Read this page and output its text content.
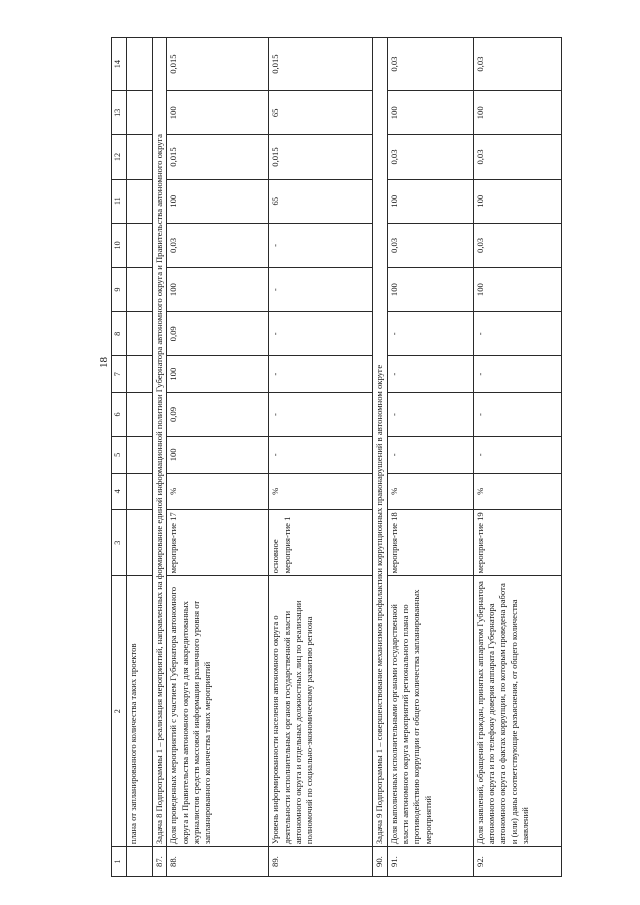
18
1	2	3	4	5	6	7	8	9	10	11	12	13	14
	плана от запланированного количества таких проектов												
87.	Задача 8 Подпрограммы 1 – реализация мероприятий, направленных на формирование единой информационной политики Губернатора автономного округа и Правительства автономного округа												
88.	Доля проведенных мероприятий с участием Губернатора автономного округа и Правительства автономного округа для аккредитованных журналистов средств массовой информации различного уровня от запланированного количества таких мероприятий	мероприя-тие 17	%	100	0,09	100	0,09	100	0,03	100	0,015	100	0,015
89.	Уровень информированности населения автономного округа о деятельности исполнительных органов государственной власти автономного округа и отдельных должностных лиц по реализации полномочий по социально-экономическому развитию региона	основное мероприя-тие 1	%	-	-	-	-	-	-	65	0,015	65	0,015
90.	Задача 9 Подпрограммы 1 – совершенствование механизмов профилактики коррупционных правонарушений в автономном округе												
91.	Доля выполненных исполнительными органами государственной власти автономного округа мероприятий регионального плана по противодействию коррупции от общего количества запланированных мероприятий	мероприя-тие 18	%	-	-	-	-	100	0,03	100	0,03	100	0,03
92.	Доля заявлений, обращений граждан, принятых аппаратом Губернатора автономного округа и по телефону доверия аппарата Губернатора автономного округа о фактах коррупции, по которым проведена работа и (или) даны соответствующие разъяснения, от общего количества заявлений	мероприя-тие 19	%	-	-	-	-	100	0,03	100	0,03	100	0,03
